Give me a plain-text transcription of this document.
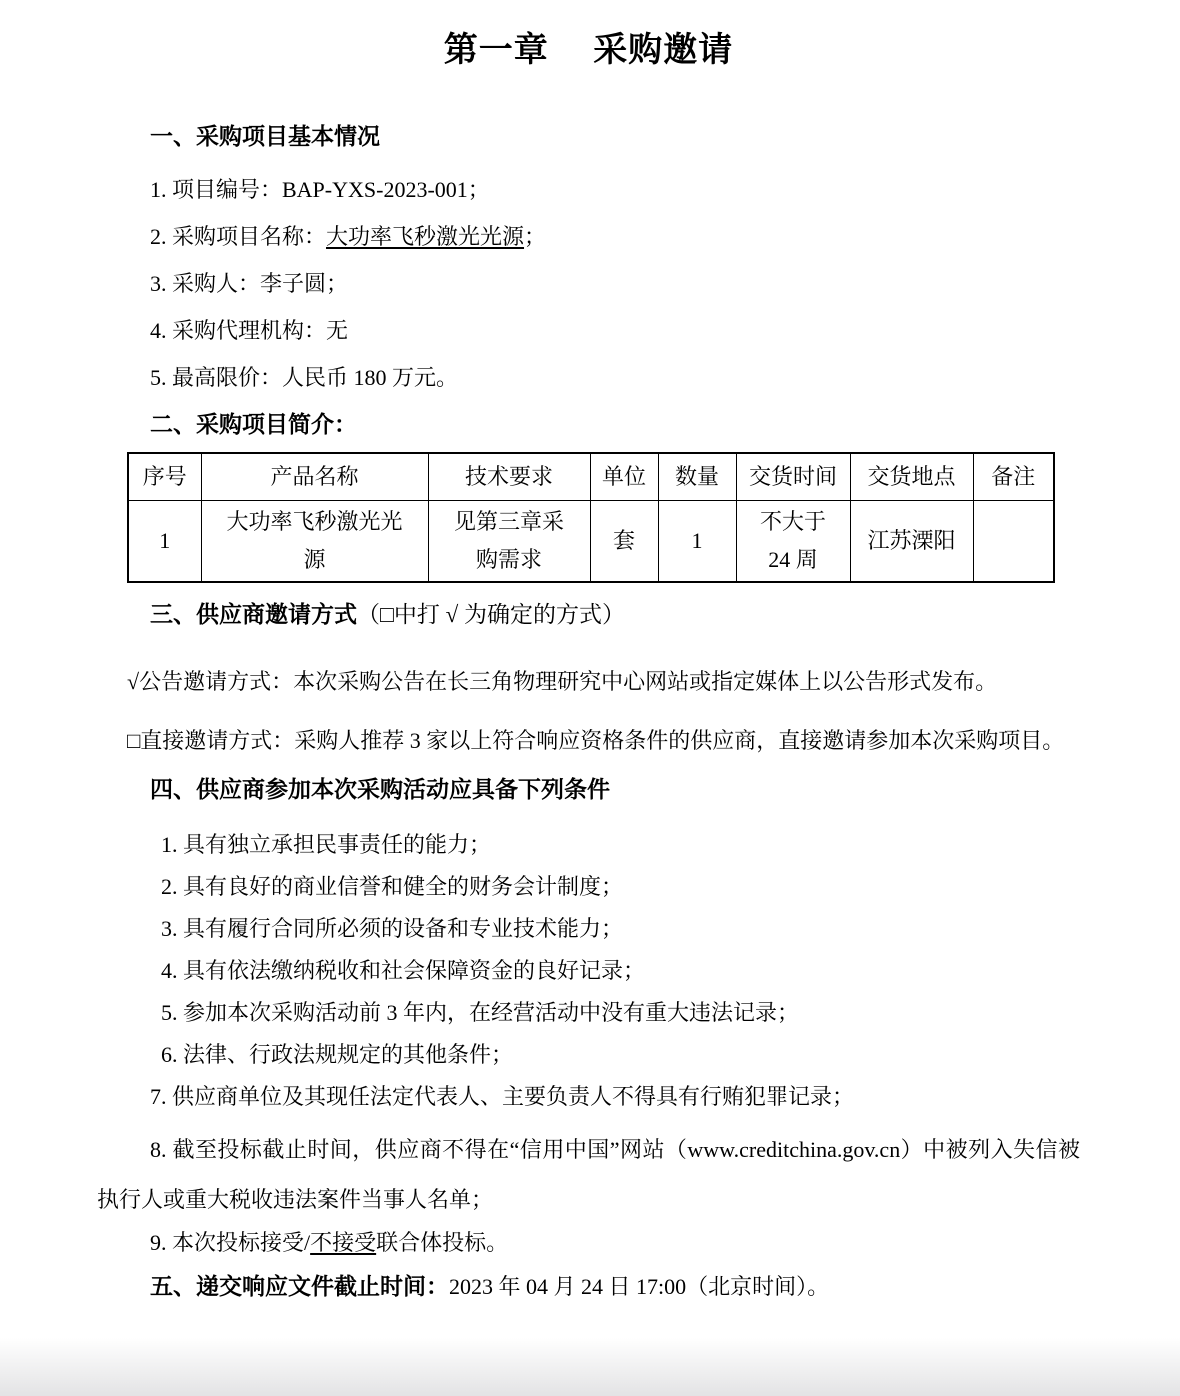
第一章　 采购邀请

一、采购项目基本情况

1. 项目编号：BAP-YXS-2023-001；

2. 采购项目名称：大功率飞秒激光光源；

3. 采购人：李子圆；

4. 采购代理机构：无

5. 最高限价：人民币 180 万元。

二、采购项目简介：

序号	产品名称	技术要求	单位	数量	交货时间	交货地点	备注
1	大功率飞秒激光光源	见第三章采购需求	套	1	不大于 24 周	江苏溧阳	

三、供应商邀请方式（□中打 √ 为确定的方式）

√公告邀请方式：本次采购公告在长三角物理研究中心网站或指定媒体上以公告形式发布。

□直接邀请方式：采购人推荐 3 家以上符合响应资格条件的供应商，直接邀请参加本次采购项目。

四、供应商参加本次采购活动应具备下列条件

1. 具有独立承担民事责任的能力；

2. 具有良好的商业信誉和健全的财务会计制度；

3. 具有履行合同所必须的设备和专业技术能力；

4. 具有依法缴纳税收和社会保障资金的良好记录；

5. 参加本次采购活动前 3 年内，在经营活动中没有重大违法记录；

6. 法律、行政法规规定的其他条件；

7. 供应商单位及其现任法定代表人、主要负责人不得具有行贿犯罪记录；

8. 截至投标截止时间，供应商不得在“信用中国”网站（www.creditchina.gov.cn）中被列入失信被执行人或重大税收违法案件当事人名单；

9. 本次投标接受/不接受联合体投标。

五、递交响应文件截止时间：2023 年 04 月 24 日 17:00（北京时间）。
